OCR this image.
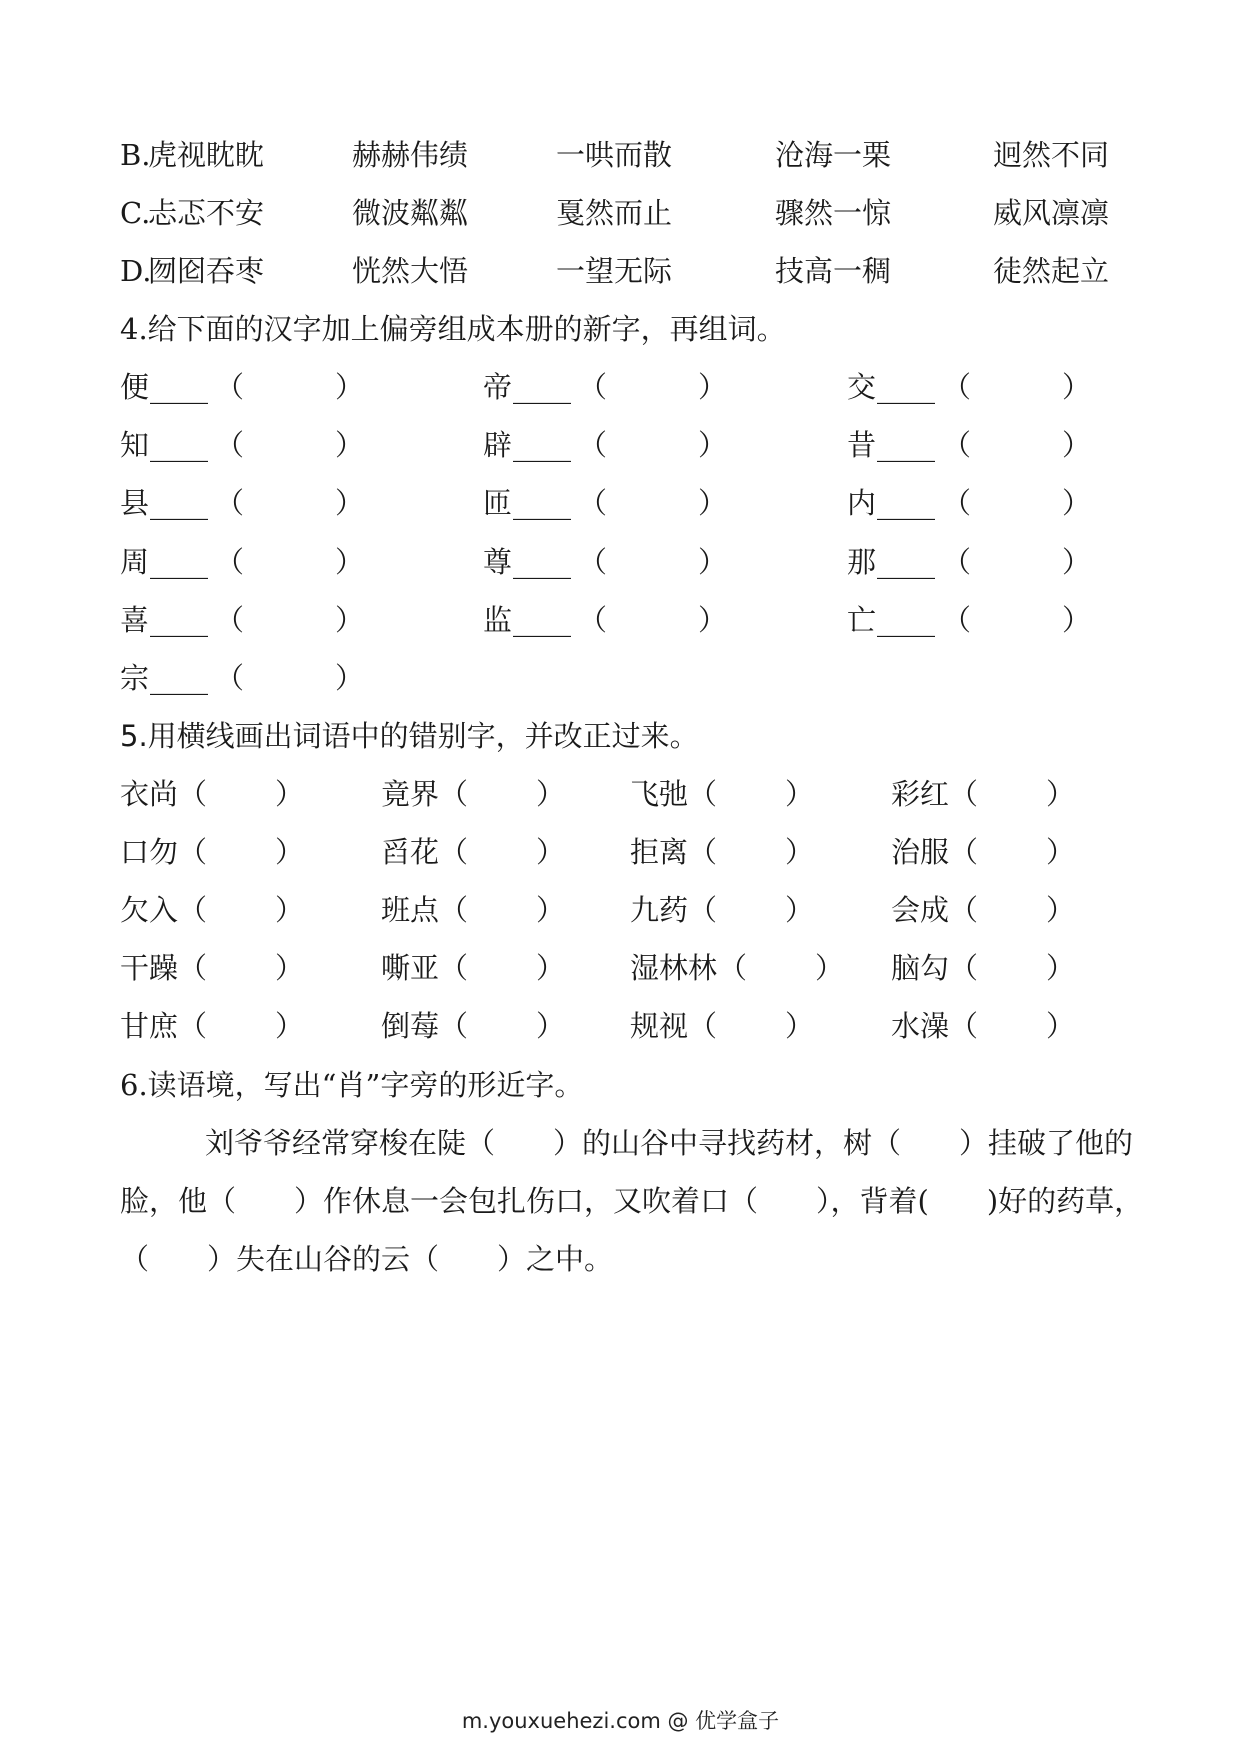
B.
虎视眈眈	赫赫伟绩	一哄而散	沧海一栗	迥然不同
C.
忐忑不安	微波粼粼	戛然而止	骤然一惊	威风凛凛
D.
囫囵吞枣	恍然大悟	一望无际	技高一稠	徒然起立
4.给下面的汉字加上偏旁组成本册的新字，再组词。
便 ____ （	）	帝 ____ （	）	交 ____ （	）
知 ____ （	）	辟 ____ （	）	昔 ____ （	）
县 ____ （	）	匝 ____ （	）	内 ____ （	）
周 ____ （	）	尊 ____ （	）	那 ____ （	）
喜 ____ （	）	监 ____ （	）	亡 ____ （	）
宗 ____ （	）
5.用横线画出词语中的错别字，并改正过来。
衣尚 （ ）	竟界 （ ） 飞弛 （ ）	彩红 （ ）
口勿 （ ）	舀花 （ ） 拒离 （ ）	治服 （ ）
欠入 （ ）	班点 （ ） 九药 （ ）	会成 （ ）
干躁 （ ）	嘶亚 （ ） 湿林林 （ ） 脑勾 （ ）
甘庶 （ ）	倒莓 （ ） 规视 （ ）	水澡 （ ）
6.读语境，写出“肖”字旁的形近字。
刘爷爷经常穿梭在陡（　　）的山谷中寻找药材，树（　　）挂破了他的
脸，他（　　）作休息一会包扎伤口，又吹着口（　　），背着(　　)好的药草，
（　　）失在山谷的云（　　）之中。
m.youxuehezi.com @ 优学盒子
